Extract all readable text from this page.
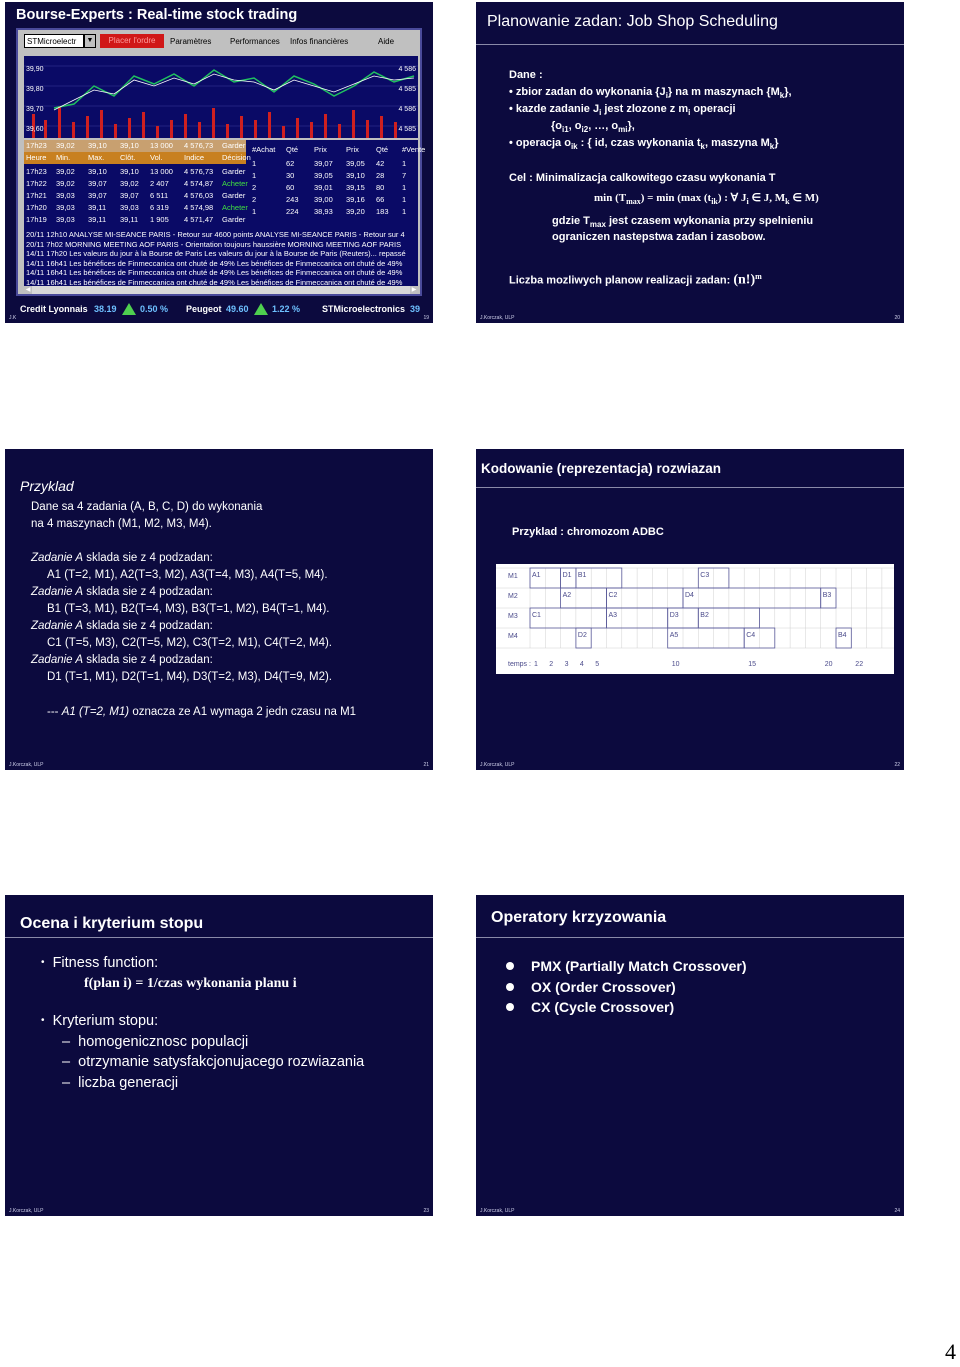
Bourse-Experts : Real-time stock trading
STMicroelectr	▼	Placer l'ordre	Paramètres Performances Infos financières	Aide
39,90
39,80
39,70
39,60
4 586
4 585
4 586
4 585
17h23 39,02 39,10 39,10 13 000 4 576,73 Garder
Heure Min. Max. Clôt. Vol.	Indice Décision
17h23 39,02 39,10 39,10 13 000 4 576,73 Garder
17h22 39,02 39,07 39,02 2 407 4 574,87 Acheter
17h21 39,03 39,07 39,07 6 511 4 576,03 Garder
17h20 39,03 39,11 39,03 6 319 4 574,98 Acheter
17h19 39,03 39,11 39,11 1 905 4 571,47 Garder
#Achat Qté Prix	Prix Qté #Vente
1	62	39,07 39,05 42 1
1	30	39,05 39,10 28 7
2	60	39,01 39,15 80 1
2	243 39,00 39,16 66 1
1	224 38,93 39,20 183 1
20/11 12h10 ANALYSE MI-SEANCE PARIS - Retour sur 4600 points ANALYSE MI-SEANCE PARIS - Retour sur 4
20/11 7h02 MORNING MEETING AOF PARIS - Orientation toujours haussière MORNING MEETING AOF PARIS
14/11 17h20 Les valeurs du jour à la Bourse de Paris Les valeurs du jour à la Bourse de Paris (Reuters)... repassé
14/11 16h41 Les bénéfices de Finmeccanica ont chuté de 49% Les bénéfices de Finmeccanica ont chuté de 49%
14/11 16h41 Les bénéfices de Finmeccanica ont chuté de 49% Les bénéfices de Finmeccanica ont chuté de 49%
14/11 16h41 Les bénéfices de Finmeccanica ont chuté de 49% Les bénéfices de Finmeccanica ont chuté de 49%
◀	▶
Credit Lyonnais 38.19	0.50 % Peugeot 49.60	1.22 % STMicroelectronics 39
J.K	19
Planowanie zadan: Job Shop Scheduling
Dane :
• zbior zadan do wykonania $\{J_i\}$ na m maszynach $\{M_k\}$,
• kazde zadanie $J_i$ jest zlozone z $m_i$ operacji
{$o_{i1}$, $o_{i2}$, …, $o_{mi}$},
• operacja $o_{ik}$ : { id, czas wykonania $t_k$, maszyna $M_k$}
Cel : Minimalizacja calkowitego czasu wykonania T
$\min (T_{max}) = \min (\max$ $(t_{ik})$ : ∀ $J_i$ ∈ J, $M_k$ ∈ M)
gdzie $T_{max}$ jest czasem wykonania przy spelnieniu
ograniczen nastepstwa zadan i zasobow.
Liczba mozliwych planow realizacji zadan: $(n!)^m$
J.Korczak, ULP	20
Przyklad
Dane sa 4 zadania (A, B, C, D) do wykonania
na 4 maszynach (M1, M2, M3, M4).
Zadanie A sklada sie z 4 podzadan:
A1 (T=2, M1), A2(T=3, M2), A3(T=4, M3), A4(T=5, M4).
Zadanie A sklada sie z 4 podzadan:
B1 (T=3, M1), B2(T=4, M3), B3(T=1, M2), B4(T=1, M4).
Zadanie A sklada sie z 4 podzadan:
C1 (T=5, M3), C2(T=5, M2), C3(T=2, M1), C4(T=2, M4).
Zadanie A sklada sie z 4 podzadan:
D1 (T=1, M1), D2(T=1, M4), D3(T=2, M3), D4(T=9, M2).
--- A1 (T=2, M1) oznacza ze A1 wymaga 2 jedn czasu na M1
J.Korczak, ULP	21
Kodowanie (reprezentacja) rozwiazan
Przyklad : chromozom ADBC
M1
M2
M3
M4
A1	D1 B1	C3
A2	C2	D4	B3
C1	A3	D3	B2
D2	A5	C4	B4
temps : 1 2 3 4 5	10	15	20	22
J.Korczak, ULP	22
Ocena i kryterium stopu
• Fitness function:
f(plan i) = 1/czas wykonania planu i
• Kryterium stopu:
–  homogenicznosc populacji
–  otrzymanie satysfakcjonujacego rozwiazania
–  liczba generacji
J.Korczak, ULP	23
Operatory krzyzowania
PMX (Partially Match Crossover)
OX (Order Crossover)
CX (Cycle Crossover)
J.Korczak, ULP	24
4
